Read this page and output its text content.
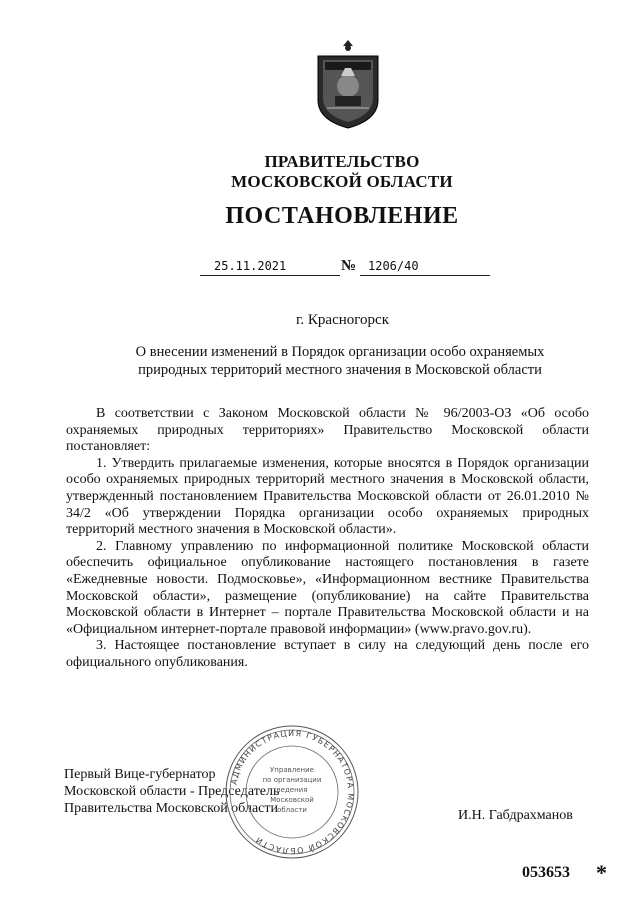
ПРАВИТЕЛЬСТВО
МОСКОВСКОЙ ОБЛАСТИ
ПОСТАНОВЛЕНИЕ
25.11.2021	№ 1206/40
г. Красногорск
О внесении изменений в Порядок организации особо охраняемых
природных территорий местного значения в Московской области

В соответствии с Законом Московской области № 96/2003-ОЗ «Об особо охраняемых природных территориях» Правительство Московской области постановляет:

1. Утвердить прилагаемые изменения, которые вносятся в Порядок организации особо охраняемых природных территорий местного значения в Московской области, утвержденный постановлением Правительства Московской области от 26.01.2010 № 34/2 «Об утверждении Порядка организации особо охраняемых природных территорий местного значения в Московской области».

2. Главному управлению по информационной политике Московской области обеспечить официальное опубликование настоящего постановления в газете «Ежедневные новости. Подмосковье», «Информационном вестнике Правительства Московской области», размещение (опубликование) на сайте Правительства Московской области в Интернет – портале Правительства Московской области и на «Официальном интернет-портале правовой информации» (www.pravo.gov.ru).

3. Настоящее постановление вступает в силу на следующий день после его официального опубликования.

Первый Вице-губернатор
Московской области - Председатель
Правительства Московской области
АДМИНИСТРАЦИЯ ГУБЕРНАТОРА МОСКОВСКОЙ ОБЛАСТИ
Управление
по организации
ведения
Московской
области	И.Н. Габдрахманов
053653 *
